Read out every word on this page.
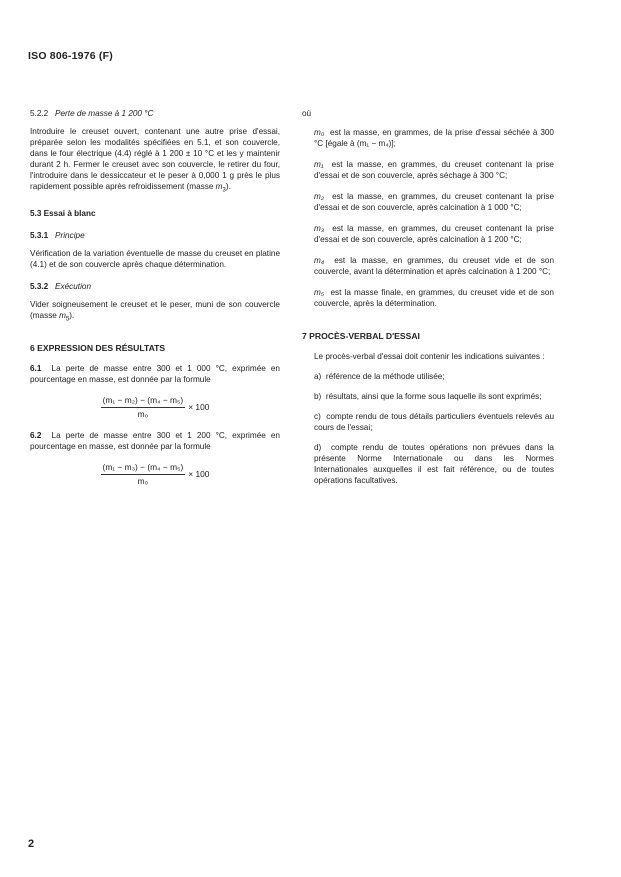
ISO 806-1976 (F)
5.2.2 Perte de masse à 1 200 °C

Introduire le creuset ouvert, contenant une autre prise d'essai, préparée selon les modalités spécifiées en 5.1, et son couvercle, dans le four électrique (4.4) réglé à 1 200 ± 10 °C et les y maintenir durant 2 h. Fermer le creuset avec son couvercle, le retirer du four, l'introduire dans le dessiccateur et le peser à 0,000 1 g près le plus rapidement possible après refroidissement (masse $m_3$).

5.3 Essai à blanc
5.3.1 Principe

Vérification de la variation éventuelle de masse du creuset en platine (4.1) et de son couvercle après chaque détermination.

5.3.2 Exécution

Vider soigneusement le creuset et le peser, muni de son couvercle (masse $m_5$).

6 EXPRESSION DES RÉSULTATS

6.1 La perte de masse entre 300 et 1 000 °C, exprimée en pourcentage en masse, est donnée par la formule

$\frac{\text{(m₁ − m₂) − (m₄ − m₅)}}{\text{m₀}} \times 100$

6.2 La perte de masse entre 300 et 1 200 °C, exprimée en pourcentage en masse, est donnée par la formule

$\frac{\text{(m₁ − m₃) − (m₄ − m₅)}}{\text{m₀}} \times 100$
où
m₀ est la masse, en grammes, de la prise d'essai séchée à 300 °C [égale à (m₁ − m₄)];
m₁ est la masse, en grammes, du creuset contenant la prise d'essai et de son couvercle, après séchage à 300 °C;
m₂ est la masse, en grammes, du creuset contenant la prise d'essai et de son couvercle, après calcination à 1 000 °C;
m₃ est la masse, en grammes, du creuset contenant la prise d'essai et de son couvercle, après calcination à 1 200 °C;
m₄ est la masse, en grammes, du creuset vide et de son couvercle, avant la détermination et après calcination à 1 200 °C;
m₅ est la masse finale, en grammes, du creuset vide et de son couvercle, après la détermination.
7 PROCÈS-VERBAL D'ESSAI

Le procès-verbal d'essai doit contenir les indications suivantes :

a) référence de la méthode utilisée;
b) résultats, ainsi que la forme sous laquelle ils sont exprimés;
c) compte rendu de tous détails particuliers éventuels relevés au cours de l'essai;
d) compte rendu de toutes opérations non prévues dans la présente Norme Internationale ou dans les Normes Internationales auxquelles il est fait référence, ou de toutes opérations facultatives.
2
